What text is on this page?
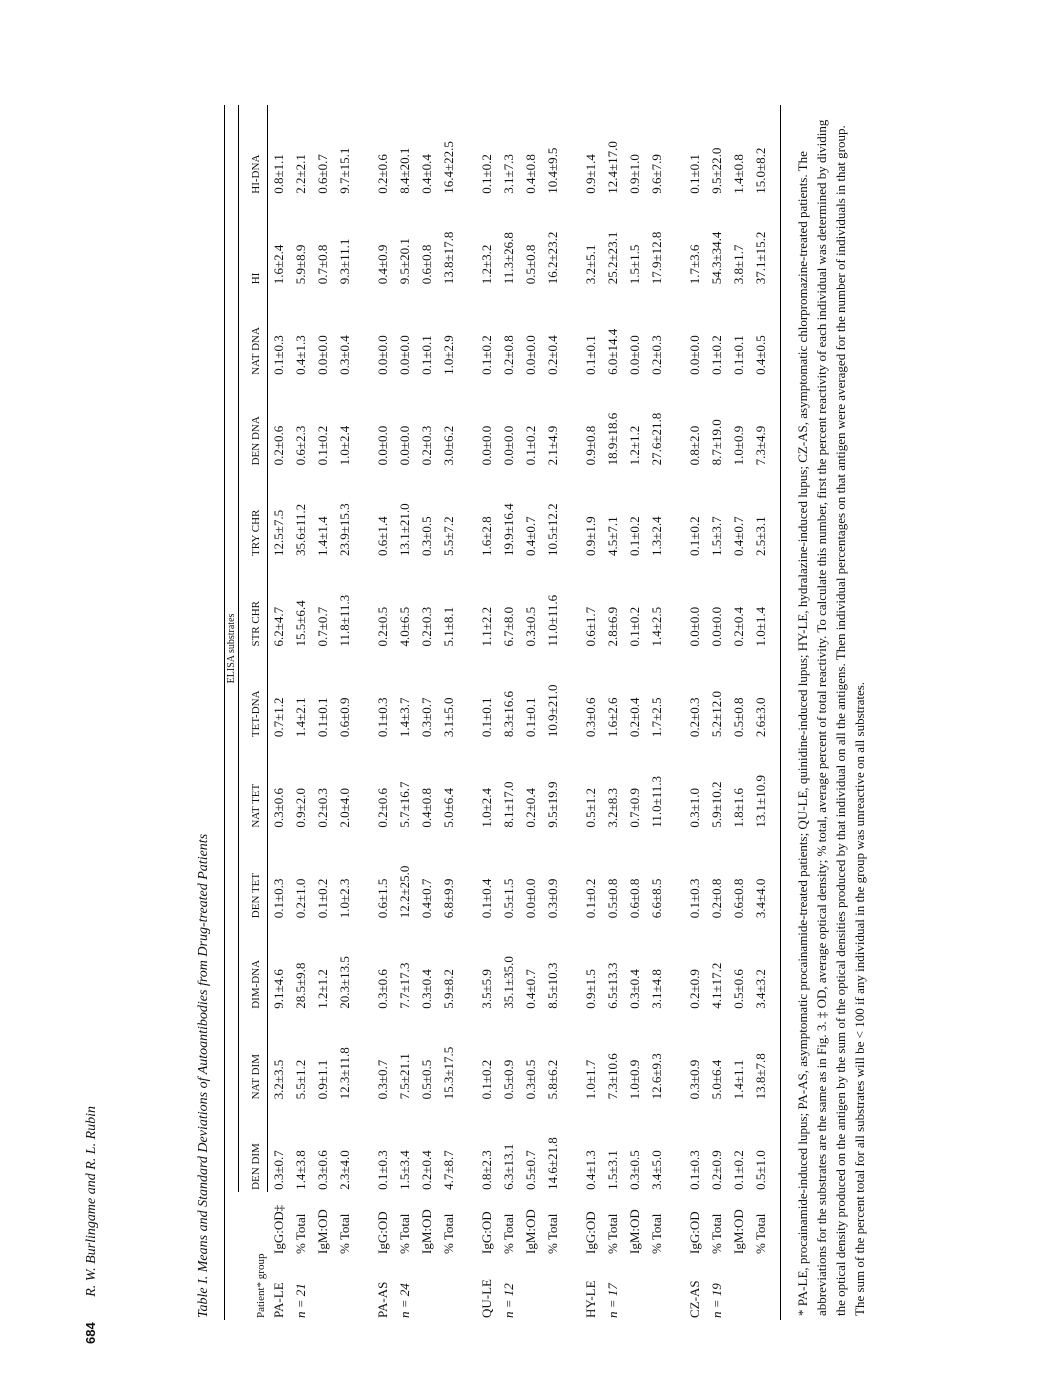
684 R. W. Burlingame and R. L. Rubin	Table I. Means and Standard Deviations of Autoantibodies from Drug-treated Patients	Patient* group		ELISA substrates											

		DEN DIM	NAT DIM	DIM-DNA	DEN TET	NAT TET	TET-DNA	STR CHR	TRY CHR	DEN DNA	NAT DNA	HI	HI-DNA
PA-LE	IgG:OD‡	0.3±0.7	3.2±3.5	9.1±4.6	0.1±0.3	0.3±0.6	0.7±1.2	6.2±4.7	12.5±7.5	0.2±0.6	0.1±0.3	1.6±2.4	0.8±1.1
n = 21	% Total	1.4±3.8	5.5±1.2	28.5±9.8	0.2±1.0	0.9±2.0	1.4±2.1	15.5±6.4	35.6±11.2	0.6±2.3	0.4±1.3	5.9±8.9	2.2±2.1
	IgM:OD	0.3±0.6	0.9±1.1	1.2±1.2	0.1±0.2	0.2±0.3	0.1±0.1	0.7±0.7	1.4±1.4	0.1±0.2	0.0±0.0	0.7±0.8	0.6±0.7
	% Total	2.3±4.0	12.3±11.8	20.3±13.5	1.0±2.3	2.0±4.0	0.6±0.9	11.8±11.3	23.9±15.3	1.0±2.4	0.3±0.4	9.3±11.1	9.7±15.1

PA-AS	IgG:OD	0.1±0.3	0.3±0.7	0.3±0.6	0.6±1.5	0.2±0.6	0.1±0.3	0.2±0.5	0.6±1.4	0.0±0.0	0.0±0.0	0.4±0.9	0.2±0.6
n = 24	% Total	1.5±3.4	7.5±21.1	7.7±17.3	12.2±25.0	5.7±16.7	1.4±3.7	4.0±6.5	13.1±21.0	0.0±0.0	0.0±0.0	9.5±20.1	8.4±20.1
	IgM:OD	0.2±0.4	0.5±0.5	0.3±0.4	0.4±0.7	0.4±0.8	0.3±0.7	0.2±0.3	0.3±0.5	0.2±0.3	0.1±0.1	0.6±0.8	0.4±0.4
	% Total	4.7±8.7	15.3±17.5	5.9±8.2	6.8±9.9	5.0±6.4	3.1±5.0	5.1±8.1	5.5±7.2	3.0±6.2	1.0±2.9	13.8±17.8	16.4±22.5

QU-LE	IgG:OD	0.8±2.3	0.1±0.2	3.5±5.9	0.1±0.4	1.0±2.4	0.1±0.1	1.1±2.2	1.6±2.8	0.0±0.0	0.1±0.2	1.2±3.2	0.1±0.2
n = 12	% Total	6.3±13.1	0.5±0.9	35.1±35.0	0.5±1.5	8.1±17.0	8.3±16.6	6.7±8.0	19.9±16.4	0.0±0.0	0.2±0.8	11.3±26.8	3.1±7.3
	IgM:OD	0.5±0.7	0.3±0.5	0.4±0.7	0.0±0.0	0.2±0.4	0.1±0.1	0.3±0.5	0.4±0.7	0.1±0.2	0.0±0.0	0.5±0.8	0.4±0.8
	% Total	14.6±21.8	5.8±6.2	8.5±10.3	0.3±0.9	9.5±19.9	10.9±21.0	11.0±11.6	10.5±12.2	2.1±4.9	0.2±0.4	16.2±23.2	10.4±9.5

HY-LE	IgG:OD	0.4±1.3	1.0±1.7	0.9±1.5	0.1±0.2	0.5±1.2	0.3±0.6	0.6±1.7	0.9±1.9	0.9±0.8	0.1±0.1	3.2±5.1	0.9±1.4
n = 17	% Total	1.5±3.1	7.3±10.6	6.5±13.3	0.5±0.8	3.2±8.3	1.6±2.6	2.8±6.9	4.5±7.1	18.9±18.6	6.0±14.4	25.2±23.1	12.4±17.0
	IgM:OD	0.3±0.5	1.0±0.9	0.3±0.4	0.6±0.8	0.7±0.9	0.2±0.4	0.1±0.2	0.1±0.2	1.2±1.2	0.0±0.0	1.5±1.5	0.9±1.0
	% Total	3.4±5.0	12.6±9.3	3.1±4.8	6.6±8.5	11.0±11.3	1.7±2.5	1.4±2.5	1.3±2.4	27.6±21.8	0.2±0.3	17.9±12.8	9.6±7.9

CZ-AS	IgG:OD	0.1±0.3	0.3±0.9	0.2±0.9	0.1±0.3	0.3±1.0	0.2±0.3	0.0±0.0	0.1±0.2	0.8±2.0	0.0±0.0	1.7±3.6	0.1±0.1
n = 19	% Total	0.2±0.9	5.0±6.4	4.1±17.2	0.2±0.8	5.9±10.2	5.2±12.0	0.0±0.0	1.5±3.7	8.7±19.0	0.1±0.2	54.3±34.4	9.5±22.0
	IgM:OD	0.1±0.2	1.4±1.1	0.5±0.6	0.6±0.8	1.8±1.6	0.5±0.8	0.2±0.4	0.4±0.7	1.0±0.9	0.1±0.1	3.8±1.7	1.4±0.8
	% Total	0.5±1.0	13.8±7.8	3.4±3.2	3.4±4.0	13.1±10.9	2.6±3.0	1.0±1.4	2.5±3.1	7.3±4.9	0.4±0.5	37.1±15.2	15.0±8.2 * PA-LE, procainamide-induced lupus; PA-AS, asymptomatic procainamide-treated patients; QU-LE, quinidine-induced lupus; HY-LE, hydralazine-induced lupus; CZ-AS, asymptomatic chlorpromazine-treated patients. The abbreviations for the substrates are the same as in Fig. 3. ‡ OD, average optical density; % total, average percent of total reactivity. To calculate this number, first the percent reactivity of each individual was determined by dividing the optical density produced on the antigen by the sum of the optical densities produced by that individual on all the antigens. Then individual percentages on that antigen were averaged for the number of individuals in that group. The sum of the percent total for all substrates will be < 100 if any individual in the group was unreactive on all substrates.
